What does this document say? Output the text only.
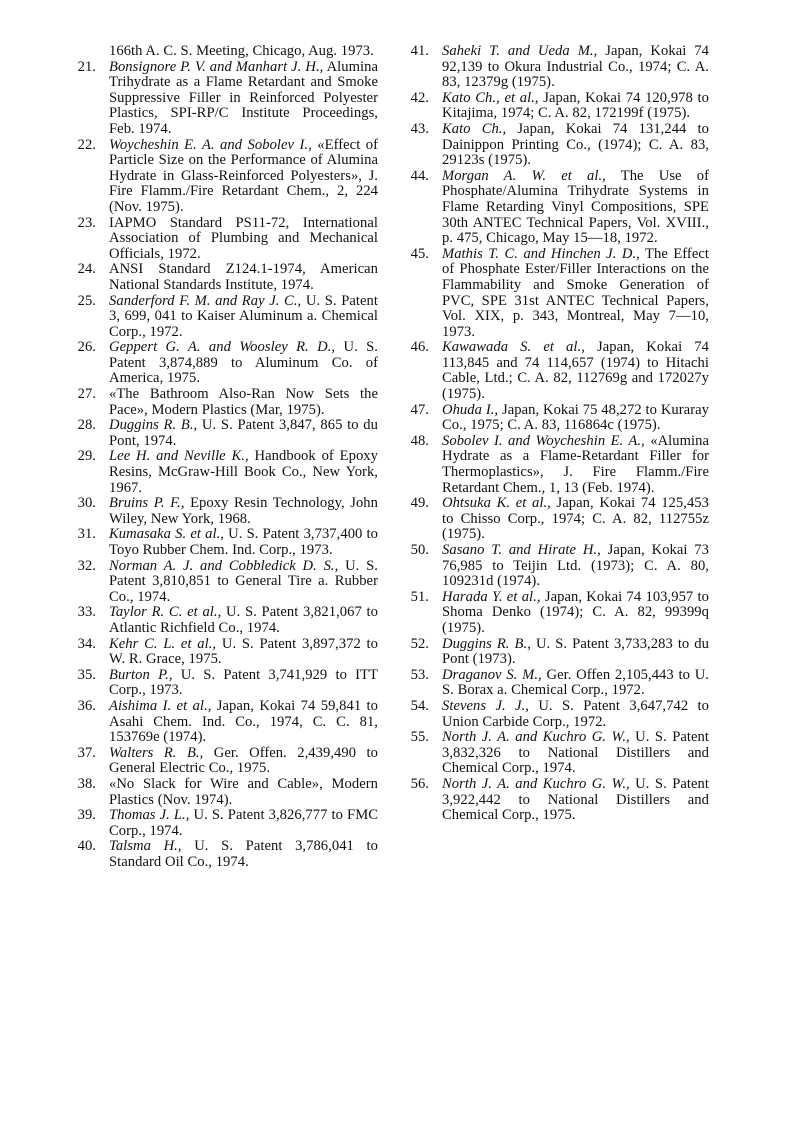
166th A. C. S. Meeting, Chicago, Aug. 1973.
21. Bonsignore P. V. and Manhart J. H., Alumina Trihydrate as a Flame Retardant and Smoke Suppressive Filler in Reinforced Polyester Plastics, SPI-RP/C Institute Proceedings, Feb. 1974.
22. Woycheshin E. A. and Sobolev I., «Effect of Particle Size on the Performance of Alumina Hydrate in Glass-Reinforced Polyesters», J. Fire Flamm./Fire Retardant Chem., 2, 224 (Nov. 1975).
23. IAPMO Standard PS11-72, International Association of Plumbing and Mechanical Officials, 1972.
24. ANSI Standard Z124.1-1974, American National Standards Institute, 1974.
25. Sanderford F. M. and Ray J. C., U. S. Patent 3, 699, 041 to Kaiser Aluminum a. Chemical Corp., 1972.
26. Geppert G. A. and Woosley R. D., U. S. Patent 3,874,889 to Aluminum Co. of America, 1975.
27. «The Bathroom Also-Ran Now Sets the Pace», Modern Plastics (Mar, 1975).
28. Duggins R. B., U. S. Patent 3,847, 865 to du Pont, 1974.
29. Lee H. and Neville K., Handbook of Epoxy Resins, McGraw-Hill Book Co., New York, 1967.
30. Bruins P. F., Epoxy Resin Technology, John Wiley, New York, 1968.
31. Kumasaka S. et al., U. S. Patent 3,737,400 to Toyo Rubber Chem. Ind. Corp., 1973.
32. Norman A. J. and Cobbledick D. S., U. S. Patent 3,810,851 to General Tire a. Rubber Co., 1974.
33. Taylor R. C. et al., U. S. Patent 3,821,067 to Atlantic Richfield Co., 1974.
34. Kehr C. L. et al., U. S. Patent 3,897,372 to W. R. Grace, 1975.
35. Burton P., U. S. Patent 3,741,929 to ITT Corp., 1973.
36. Aishima I. et al., Japan, Kokai 74 59,841 to Asahi Chem. Ind. Co., 1974, C. C. 81, 153769e (1974).
37. Walters R. B., Ger. Offen. 2,439,490 to General Electric Co., 1975.
38. «No Slack for Wire and Cable», Modern Plastics (Nov. 1974).
39. Thomas J. L., U. S. Patent 3,826,777 to FMC Corp., 1974.
40. Talsma H., U. S. Patent 3,786,041 to Standard Oil Co., 1974.
41. Saheki T. and Ueda M., Japan, Kokai 74 92,139 to Okura Industrial Co., 1974; C. A. 83, 12379g (1975).
42. Kato Ch., et al., Japan, Kokai 74 120,978 to Kitajima, 1974; C. A. 82, 172199f (1975).
43. Kato Ch., Japan, Kokai 74 131,244 to Dainippon Printing Co., (1974); C. A. 83, 29123s (1975).
44. Morgan A. W. et al., The Use of Phosphate/Alumina Trihydrate Systems in Flame Retarding Vinyl Compositions, SPE 30th ANTEC Technical Papers, Vol. XVIII., p. 475, Chicago, May 15—18, 1972.
45. Mathis T. C. and Hinchen J. D., The Effect of Phosphate Ester/Filler Interactions on the Flammability and Smoke Generation of PVC, SPE 31st ANTEC Technical Papers, Vol. XIX, p. 343, Montreal, May 7—10, 1973.
46. Kawawada S. et al., Japan, Kokai 74 113,845 and 74 114,657 (1974) to Hitachi Cable, Ltd.; C. A. 82, 112769g and 172027y (1975).
47. Ohuda I., Japan, Kokai 75 48,272 to Kuraray Co., 1975; C. A. 83, 116864c (1975).
48. Sobolev I. and Woycheshin E. A., «Alumina Hydrate as a Flame-Retardant Filler for Thermoplastics», J. Fire Flamm./Fire Retardant Chem., 1, 13 (Feb. 1974).
49. Ohtsuka K. et al., Japan, Kokai 74 125,453 to Chisso Corp., 1974; C. A. 82, 112755z (1975).
50. Sasano T. and Hirate H., Japan, Kokai 73 76,985 to Teijin Ltd. (1973); C. A. 80, 109231d (1974).
51. Harada Y. et al., Japan, Kokai 74 103,957 to Shoma Denko (1974); C. A. 82, 99399q (1975).
52. Duggins R. B., U. S. Patent 3,733,283 to du Pont (1973).
53. Draganov S. M., Ger. Offen 2,105,443 to U. S. Borax a. Chemical Corp., 1972.
54. Stevens J. J., U. S. Patent 3,647,742 to Union Carbide Corp., 1972.
55. North J. A. and Kuchro G. W., U. S. Patent 3,832,326 to National Distillers and Chemical Corp., 1974.
56. North J. A. and Kuchro G. W., U. S. Patent 3,922,442 to National Distillers and Chemical Corp., 1975.
